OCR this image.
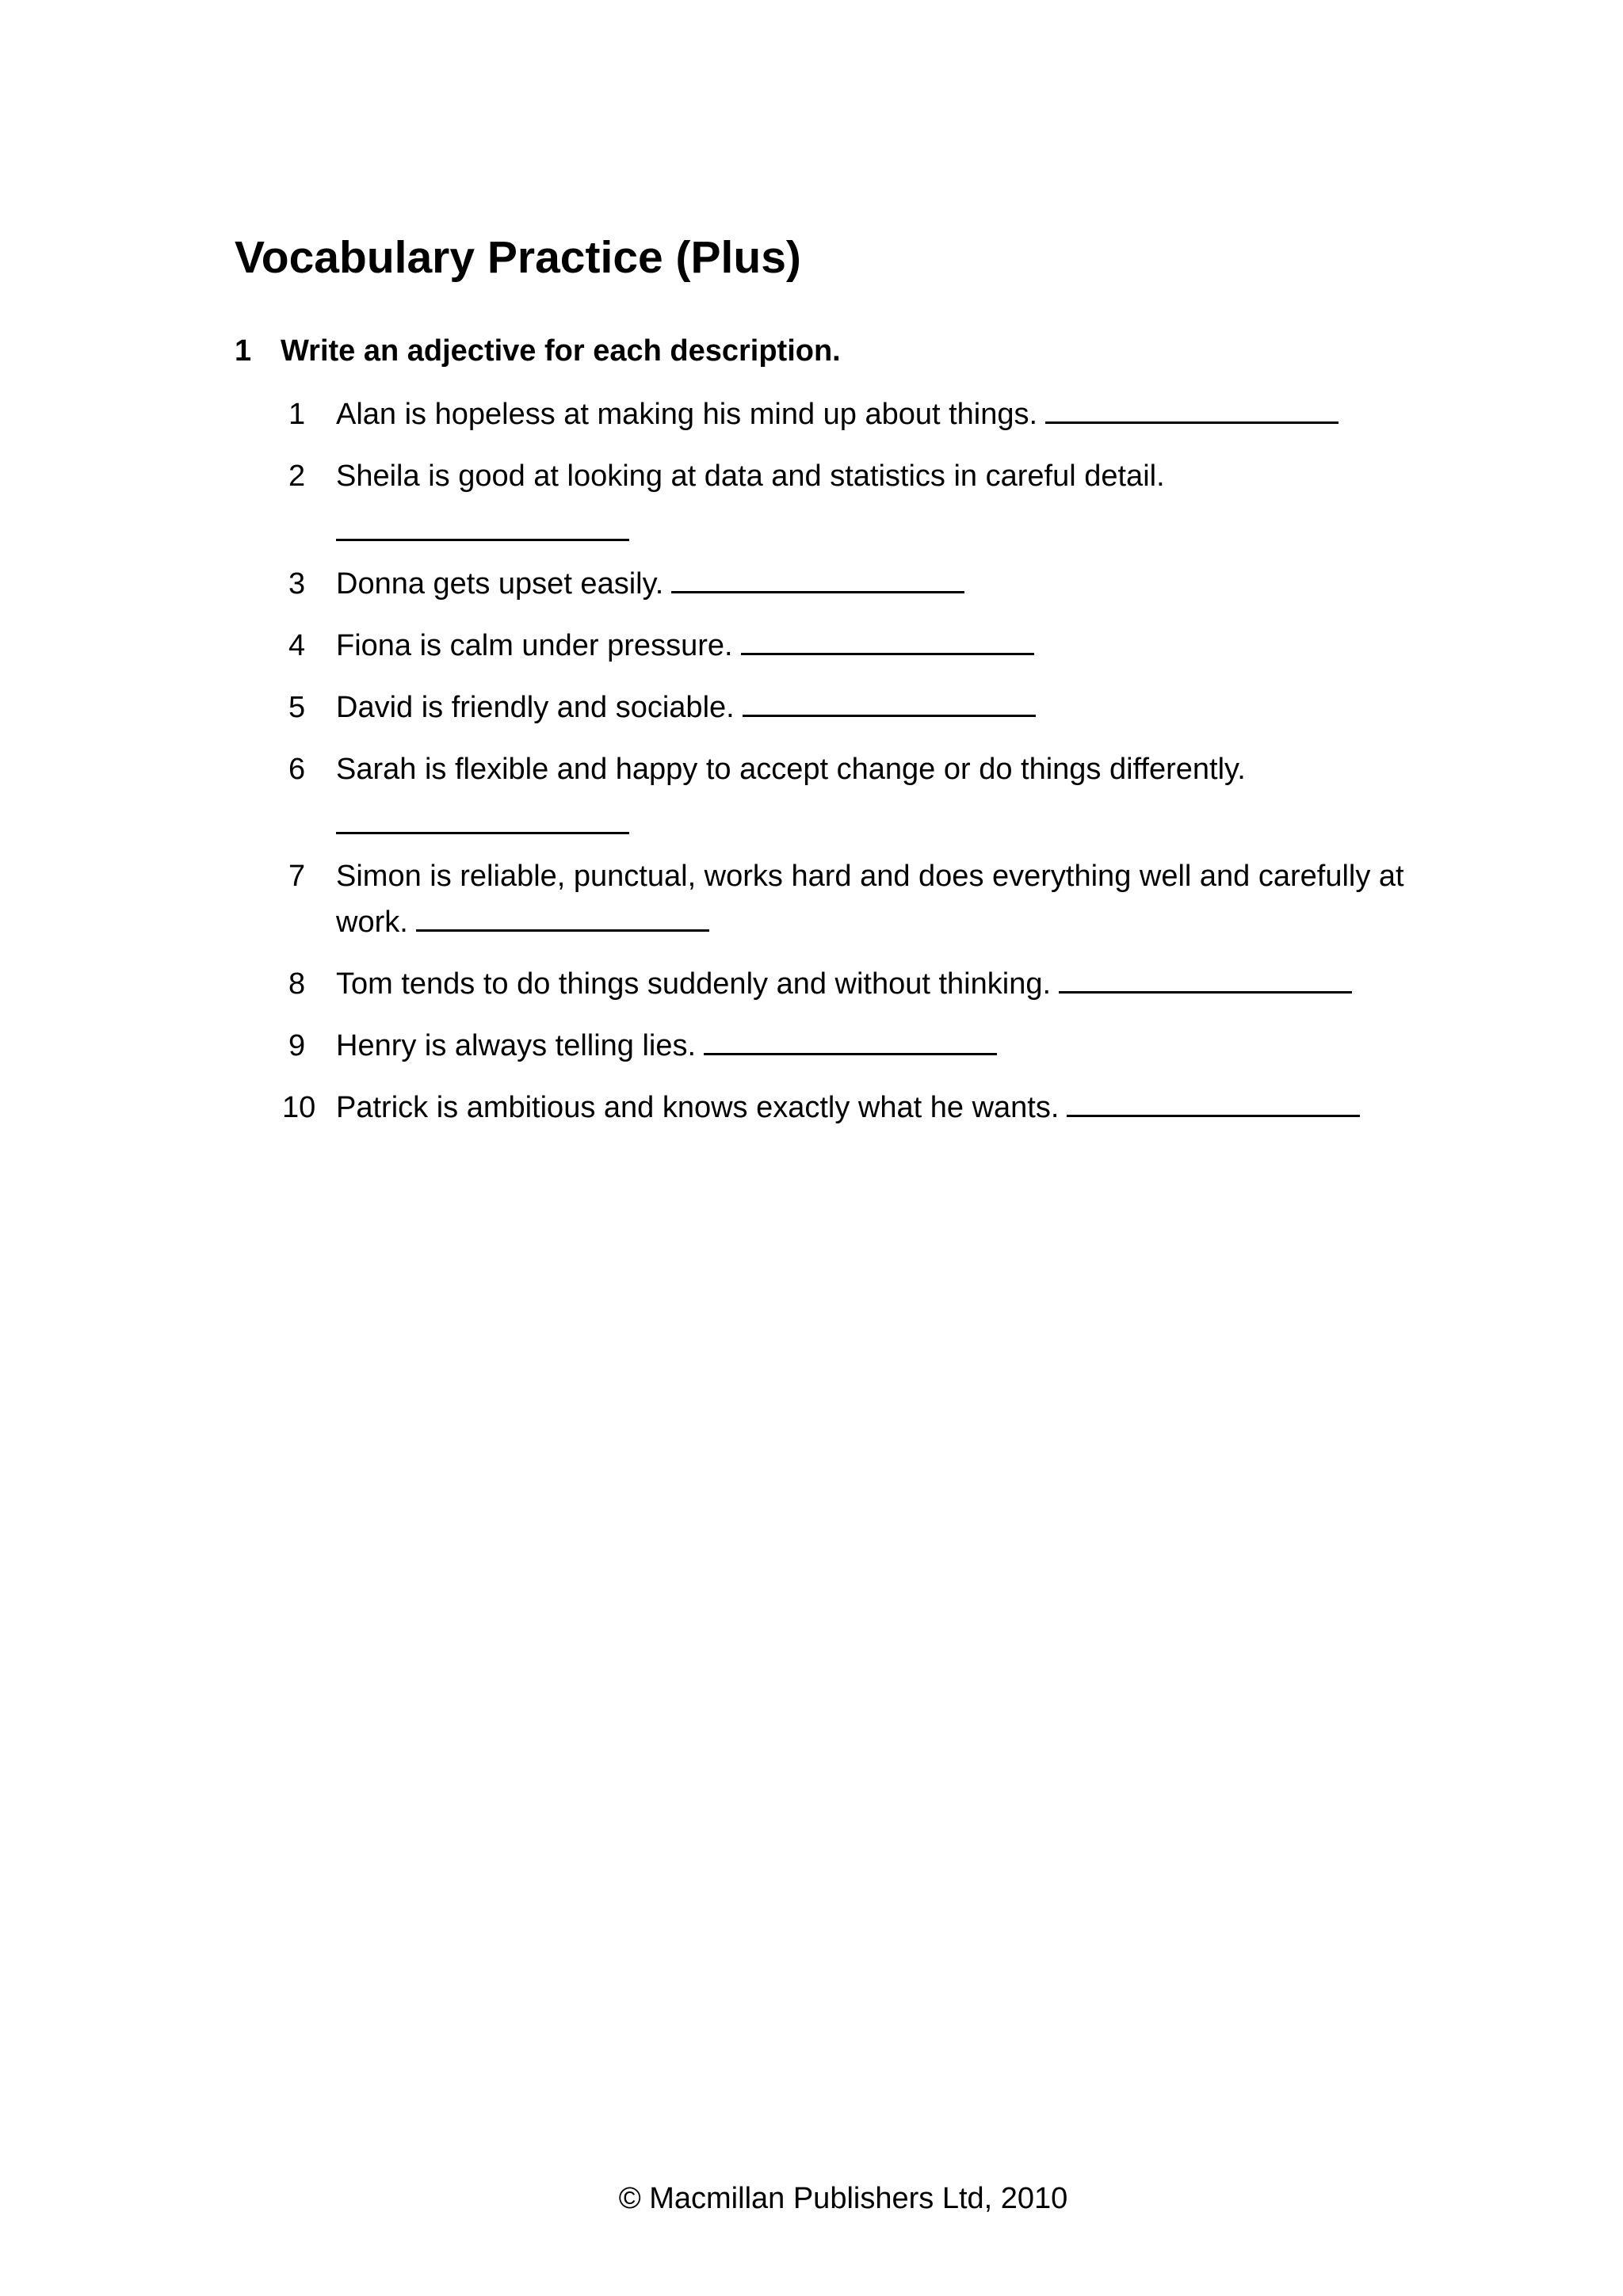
Vocabulary Practice (Plus)
1 Write an adjective for each description.
1	Alan is hopeless at making his mind up about things.
2	Sheila is good at looking at data and statistics in careful detail.
3	Donna gets upset easily.
4	Fiona is calm under pressure.
5	David is friendly and sociable.
6	Sarah is flexible and happy to accept change or do things differently.
7	Simon is reliable, punctual, works hard and does everything well and carefully at work.
8	Tom tends to do things suddenly and without thinking.
9	Henry is always telling lies.
10 Patrick is ambitious and knows exactly what he wants.
© Macmillan Publishers Ltd, 2010
